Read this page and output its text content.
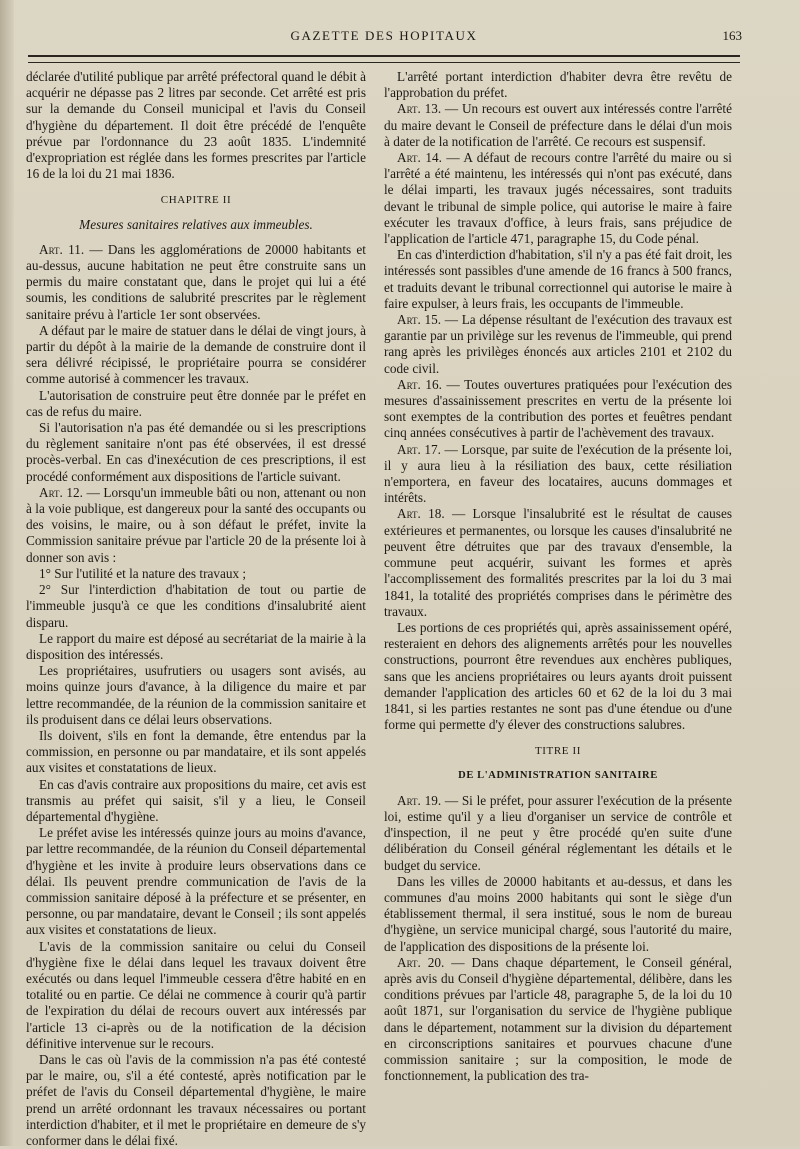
GAZETTE DES HOPITAUX	163

déclarée d'utilité publique par arrêté préfectoral quand le débit à acquérir ne dépasse pas 2 litres par seconde. Cet arrêté est pris sur la demande du Conseil municipal et l'avis du Conseil d'hygiène du département. Il doit être précédé de l'enquête prévue par l'ordonnance du 23 août 1835. L'indemnité d'expropriation est réglée dans les formes prescrites par l'article 16 de la loi du 21 mai 1836.

CHAPITRE II
Mesures sanitaires relatives aux immeubles.

Art. 11. — Dans les agglomérations de 20000 habitants et au-dessus, aucune habitation ne peut être construite sans un permis du maire constatant que, dans le projet qui lui a été soumis, les conditions de salubrité prescrites par le règlement sanitaire prévu à l'article 1er sont observées.

A défaut par le maire de statuer dans le délai de vingt jours, à partir du dépôt à la mairie de la demande de construire dont il sera délivré récipissé, le propriétaire pourra se considérer comme autorisé à commencer les travaux.

L'autorisation de construire peut être donnée par le préfet en cas de refus du maire.

Si l'autorisation n'a pas été demandée ou si les prescriptions du règlement sanitaire n'ont pas été observées, il est dressé procès-verbal. En cas d'inexécution de ces prescriptions, il est procédé conformément aux dispositions de l'article suivant.

Art. 12. — Lorsqu'un immeuble bâti ou non, attenant ou non à la voie publique, est dangereux pour la santé des occupants ou des voisins, le maire, ou à son défaut le préfet, invite la Commission sanitaire prévue par l'article 20 de la présente loi à donner son avis :

1° Sur l'utilité et la nature des travaux ;

2° Sur l'interdiction d'habitation de tout ou partie de l'immeuble jusqu'à ce que les conditions d'insalubrité aient disparu.

Le rapport du maire est déposé au secrétariat de la mairie à la disposition des intéressés.

Les propriétaires, usufrutiers ou usagers sont avisés, au moins quinze jours d'avance, à la diligence du maire et par lettre recommandée, de la réunion de la commission sanitaire et ils produisent dans ce délai leurs observations.

Ils doivent, s'ils en font la demande, être entendus par la commission, en personne ou par mandataire, et ils sont appelés aux visites et constatations de lieux.

En cas d'avis contraire aux propositions du maire, cet avis est transmis au préfet qui saisit, s'il y a lieu, le Conseil départemental d'hygiène.

Le préfet avise les intéressés quinze jours au moins d'avance, par lettre recommandée, de la réunion du Conseil départemental d'hygiène et les invite à produire leurs observations dans ce délai. Ils peuvent prendre communication de l'avis de la commission sanitaire déposé à la préfecture et se présenter, en personne, ou par mandataire, devant le Conseil ; ils sont appelés aux visites et constatations de lieux.

L'avis de la commission sanitaire ou celui du Conseil d'hygiène fixe le délai dans lequel les travaux doivent être exécutés ou dans lequel l'immeuble cessera d'être habité en en totalité ou en partie. Ce délai ne commence à courir qu'à partir de l'expiration du délai de recours ouvert aux intéressés par l'article 13 ci-après ou de la notification de la décision définitive intervenue sur le recours.

Dans le cas où l'avis de la commission n'a pas été contesté par le maire, ou, s'il a été contesté, après notification par le préfet de l'avis du Conseil départemental d'hygiène, le maire prend un arrêté ordonnant les travaux nécessaires ou portant interdiction d'habiter, et il met le propriétaire en demeure de s'y conformer dans le délai fixé.

L'arrêté portant interdiction d'habiter devra être revêtu de l'approbation du préfet.

Art. 13. — Un recours est ouvert aux intéressés contre l'arrêté du maire devant le Conseil de préfecture dans le délai d'un mois à dater de la notification de l'arrêté. Ce recours est suspensif.

Art. 14. — A défaut de recours contre l'arrêté du maire ou si l'arrêté a été maintenu, les intéressés qui n'ont pas exécuté, dans le délai imparti, les travaux jugés nécessaires, sont traduits devant le tribunal de simple police, qui autorise le maire à faire exécuter les travaux d'office, à leurs frais, sans préjudice de l'application de l'article 471, paragraphe 15, du Code pénal.

En cas d'interdiction d'habitation, s'il n'y a pas été fait droit, les intéressés sont passibles d'une amende de 16 francs à 500 francs, et traduits devant le tribunal correctionnel qui autorise le maire à faire expulser, à leurs frais, les occupants de l'immeuble.

Art. 15. — La dépense résultant de l'exécution des travaux est garantie par un privilège sur les revenus de l'immeuble, qui prend rang après les privilèges énoncés aux articles 2101 et 2102 du code civil.

Art. 16. — Toutes ouvertures pratiquées pour l'exécution des mesures d'assainissement prescrites en vertu de la présente loi sont exemptes de la contribution des portes et feuêtres pendant cinq années consécutives à partir de l'achèvement des travaux.

Art. 17. — Lorsque, par suite de l'exécution de la présente loi, il y aura lieu à la résiliation des baux, cette résiliation n'emportera, en faveur des locataires, aucuns dommages et intérêts.

Art. 18. — Lorsque l'insalubrité est le résultat de causes extérieures et permanentes, ou lorsque les causes d'insalubrité ne peuvent être détruites que par des travaux d'ensemble, la commune peut acquérir, suivant les formes et après l'accomplissement des formalités prescrites par la loi du 3 mai 1841, la totalité des propriétés comprises dans le périmètre des travaux.

Les portions de ces propriétés qui, après assainissement opéré, resteraient en dehors des alignements arrêtés pour les nouvelles constructions, pourront être revendues aux enchères publiques, sans que les anciens propriétaires ou leurs ayants droit puissent demander l'application des articles 60 et 62 de la loi du 3 mai 1841, si les parties restantes ne sont pas d'une étendue ou d'une forme qui permette d'y élever des constructions salubres.

TITRE II
DE L'ADMINISTRATION SANITAIRE

Art. 19. — Si le préfet, pour assurer l'exécution de la présente loi, estime qu'il y a lieu d'organiser un service de contrôle et d'inspection, il ne peut y être procédé qu'en suite d'une délibération du Conseil général réglementant les détails et le budget du service.

Dans les villes de 20000 habitants et au-dessus, et dans les communes d'au moins 2000 habitants qui sont le siège d'un établissement thermal, il sera institué, sous le nom de bureau d'hygiène, un service municipal chargé, sous l'autorité du maire, de l'application des dispositions de la présente loi.

Art. 20. — Dans chaque département, le Conseil général, après avis du Conseil d'hygiène départemental, délibère, dans les conditions prévues par l'article 48, paragraphe 5, de la loi du 10 août 1871, sur l'organisation du service de l'hygiène publique dans le département, notamment sur la division du département en circonscriptions sanitaires et pourvues chacune d'une commission sanitaire ; sur la composition, le mode de fonctionnement, la publication des tra-
